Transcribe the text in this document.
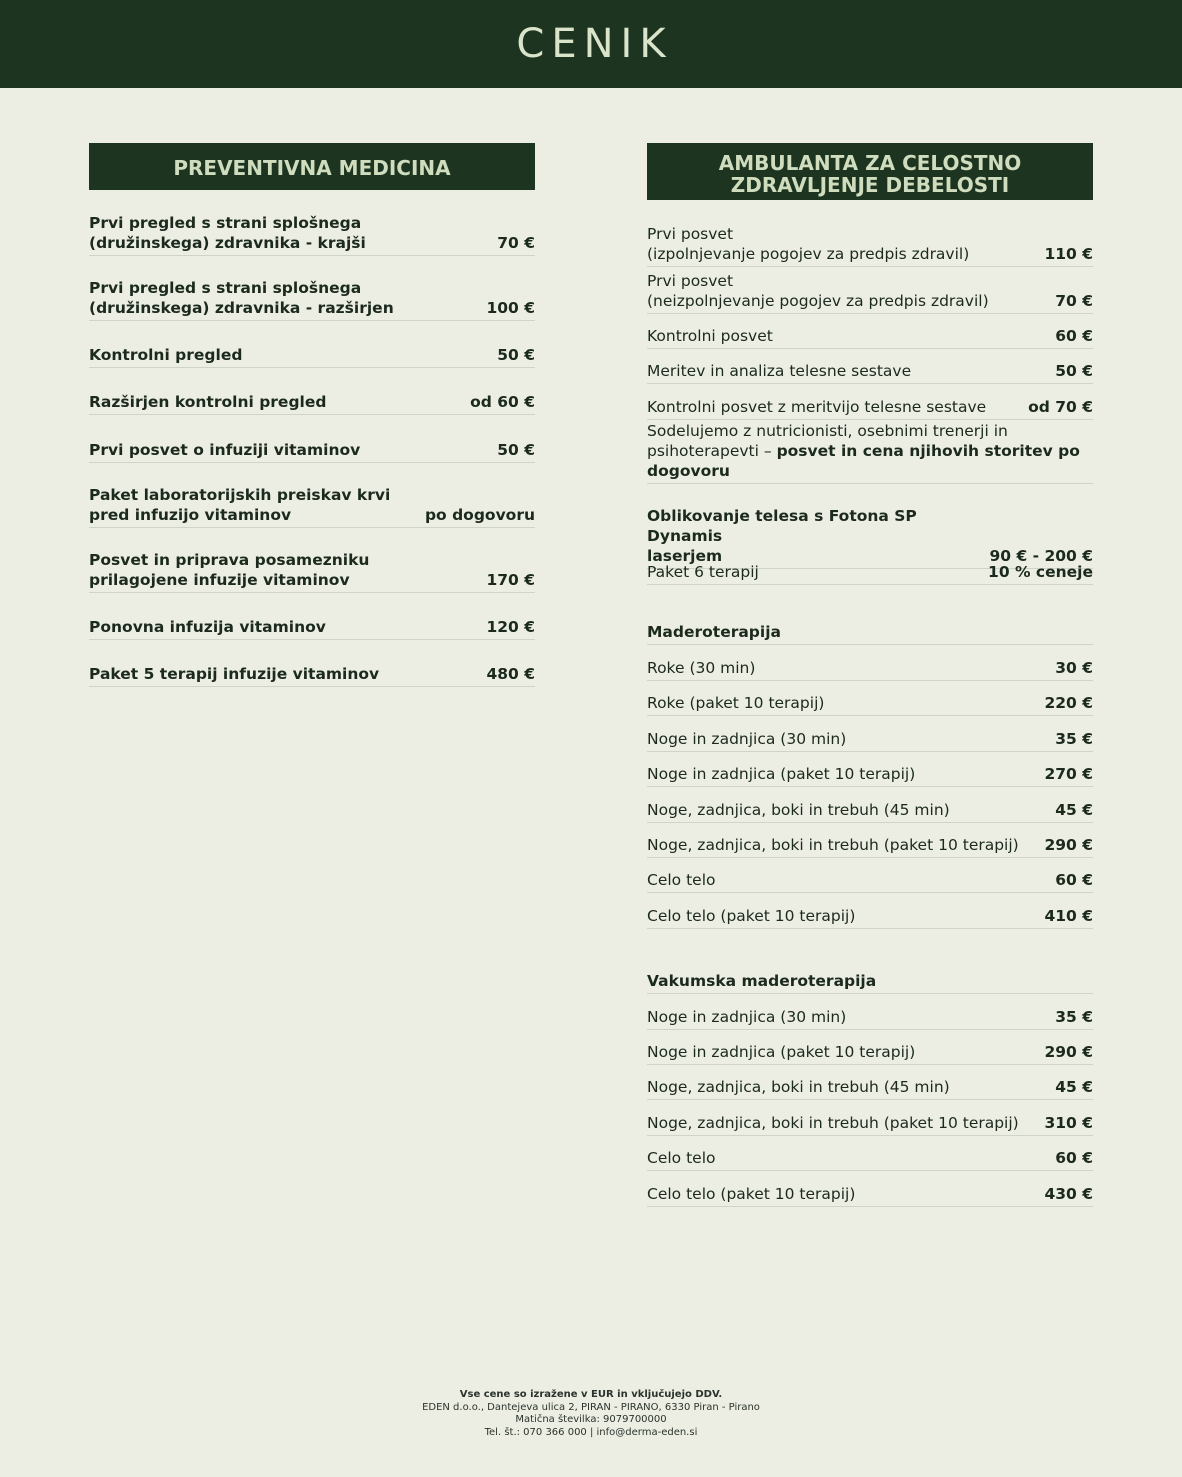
CENIK
PREVENTIVNA MEDICINA
Prvi pregled s strani splošnega
(družinskega) zdravnika - krajši	70 €
Prvi pregled s strani splošnega
(družinskega) zdravnika - razširjen	100 €
Kontrolni pregled	50 €
Razširjen kontrolni pregled	od 60 €
Prvi posvet o infuziji vitaminov	50 €
Paket laboratorijskih preiskav krvi
pred infuzijo vitaminov	po dogovoru
Posvet in priprava posamezniku
prilagojene infuzije vitaminov	170 €
Ponovna infuzija vitaminov	120 €
Paket 5 terapij infuzije vitaminov	480 €
AMBULANTA ZA CELOSTNO
ZDRAVLJENJE DEBELOSTI
Prvi posvet
(izpolnjevanje pogojev za predpis zdravil)	110 €
Prvi posvet
(neizpolnjevanje pogojev za predpis zdravil)	70 €
Kontrolni posvet	60 €
Meritev in analiza telesne sestave	50 €
Kontrolni posvet z meritvijo telesne sestave	od 70 €
Sodelujemo z nutricionisti, osebnimi trenerji in psihoterapevti – posvet in cena njihovih storitev po dogovoru
Oblikovanje telesa s Fotona SP Dynamis
laserjem	90 € - 200 €
Paket 6 terapij	10 % ceneje
Maderoterapija
Roke (30 min)	30 €
Roke (paket 10 terapij)	220 €
Noge in zadnjica (30 min)	35 €
Noge in zadnjica (paket 10 terapij)	270 €
Noge, zadnjica, boki in trebuh (45 min)	45 €
Noge, zadnjica, boki in trebuh (paket 10 terapij)	290 €
Celo telo	60 €
Celo telo (paket 10 terapij)	410 €
Vakumska maderoterapija
Noge in zadnjica (30 min)	35 €
Noge in zadnjica (paket 10 terapij)	290 €
Noge, zadnjica, boki in trebuh (45 min)	45 €
Noge, zadnjica, boki in trebuh (paket 10 terapij)	310 €
Celo telo	60 €
Celo telo (paket 10 terapij)	430 €
Vse cene so izražene v EUR in vključujejo DDV.
EDEN d.o.o., Dantejeva ulica 2, PIRAN - PIRANO, 6330 Piran - Pirano
Matična številka: 9079700000
Tel. št.: 070 366 000 | info@derma-eden.si
